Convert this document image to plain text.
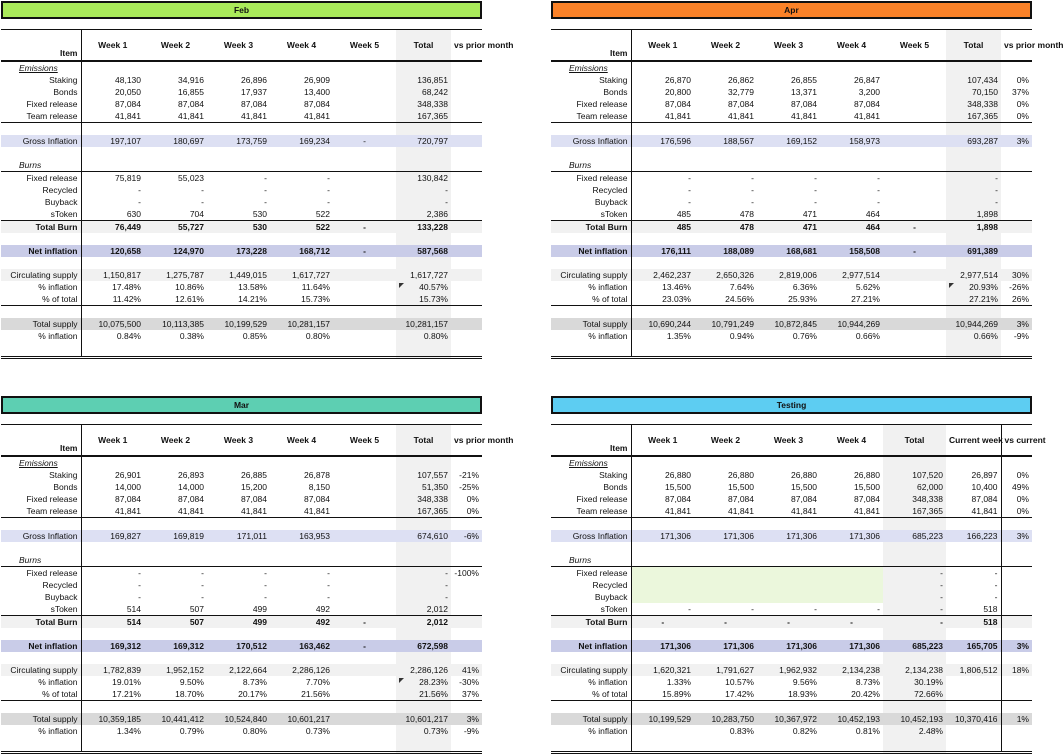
Feb
Item	Week 1	Week 2	Week 3	Week 4	Week 5	Total	vs prior month
Emissions							
Staking	48,130	34,916	26,896	26,909		136,851	
Bonds	20,050	16,855	17,937	13,400		68,242	
Fixed release	87,084	87,084	87,084	87,084		348,338	
Team release	41,841	41,841	41,841	41,841		167,365	

Gross Inflation	197,107	180,697	173,759	169,234	-	720,797	

Burns							
Fixed release	75,819	55,023	-	-		130,842	
Recycled	-	-	-	-		-	
Buyback	-	-	-	-		-	
sToken	630	704	530	522		2,386	
Total Burn	76,449	55,727	530	522	-	133,228	

Net inflation	120,658	124,970	173,228	168,712	-	587,568	

Circulating supply	1,150,817	1,275,787	1,449,015	1,617,727		1,617,727	
% inflation	17.48%	10.86%	13.58%	11.64%		40.57%	
% of total	11.42%	12.61%	14.21%	15.73%		15.73%	

Total supply	10,075,500	10,113,385	10,199,529	10,281,157		10,281,157	
% inflation	0.84%	0.38%	0.85%	0.80%		0.80%	

Apr
Item	Week 1	Week 2	Week 3	Week 4	Week 5	Total	vs prior month
Emissions							
Staking	26,870	26,862	26,855	26,847		107,434	0%
Bonds	20,800	32,779	13,371	3,200		70,150	37%
Fixed release	87,084	87,084	87,084	87,084		348,338	0%
Team release	41,841	41,841	41,841	41,841		167,365	0%

Gross Inflation	176,596	188,567	169,152	158,973		693,287	3%

Burns							
Fixed release	-	-	-	-		-	
Recycled	-	-	-	-		-	
Buyback	-	-	-	-		-	
sToken	485	478	471	464		1,898	
Total Burn	485	478	471	464	-	1,898	

Net inflation	176,111	188,089	168,681	158,508	-	691,389	

Circulating supply	2,462,237	2,650,326	2,819,006	2,977,514		2,977,514	30%
% inflation	13.46%	7.64%	6.36%	5.62%		20.93%	-26%
% of total	23.03%	24.56%	25.93%	27.21%		27.21%	26%

Total supply	10,690,244	10,791,249	10,872,845	10,944,269		10,944,269	3%
% inflation	1.35%	0.94%	0.76%	0.66%		0.66%	-9%

Mar
Item	Week 1	Week 2	Week 3	Week 4	Week 5	Total	vs prior month
Emissions							
Staking	26,901	26,893	26,885	26,878		107,557	-21%
Bonds	14,000	14,000	15,200	8,150		51,350	-25%
Fixed release	87,084	87,084	87,084	87,084		348,338	0%
Team release	41,841	41,841	41,841	41,841		167,365	0%

Gross Inflation	169,827	169,819	171,011	163,953		674,610	-6%

Burns							
Fixed release	-	-	-	-		-	-100%
Recycled	-	-	-	-		-	
Buyback	-	-	-	-		-	
sToken	514	507	499	492		2,012	
Total Burn	514	507	499	492	-	2,012	

Net inflation	169,312	169,312	170,512	163,462	-	672,598	

Circulating supply	1,782,839	1,952,152	2,122,664	2,286,126		2,286,126	41%
% inflation	19.01%	9.50%	8.73%	7.70%		28.23%	-30%
% of total	17.21%	18.70%	20.17%	21.56%		21.56%	37%

Total supply	10,359,185	10,441,412	10,524,840	10,601,217		10,601,217	3%
% inflation	1.34%	0.79%	0.80%	0.73%		0.73%	-9%

Testing
Item	Week 1	Week 2	Week 3	Week 4	Total	Current week	vs current
Emissions							
Staking	26,880	26,880	26,880	26,880	107,520	26,897	0%
Bonds	15,500	15,500	15,500	15,500	62,000	10,400	49%
Fixed release	87,084	87,084	87,084	87,084	348,338	87,084	0%
Team release	41,841	41,841	41,841	41,841	167,365	41,841	0%

Gross Inflation	171,306	171,306	171,306	171,306	685,223	166,223	3%

Burns							
Fixed release					-	-	
Recycled					-	-	
Buyback					-	-	
sToken	-	-	-	-	-	518	
Total Burn	-	-	-	-	-	518	

Net inflation	171,306	171,306	171,306	171,306	685,223	165,705	3%

Circulating supply	1,620,321	1,791,627	1,962,932	2,134,238	2,134,238	1,806,512	18%
% inflation	1.33%	10.57%	9.56%	8.73%	30.19%		
% of total	15.89%	17.42%	18.93%	20.42%	72.66%		

Total supply	10,199,529	10,283,750	10,367,972	10,452,193	10,452,193	10,370,416	1%
% inflation		0.83%	0.82%	0.81%	2.48%		
